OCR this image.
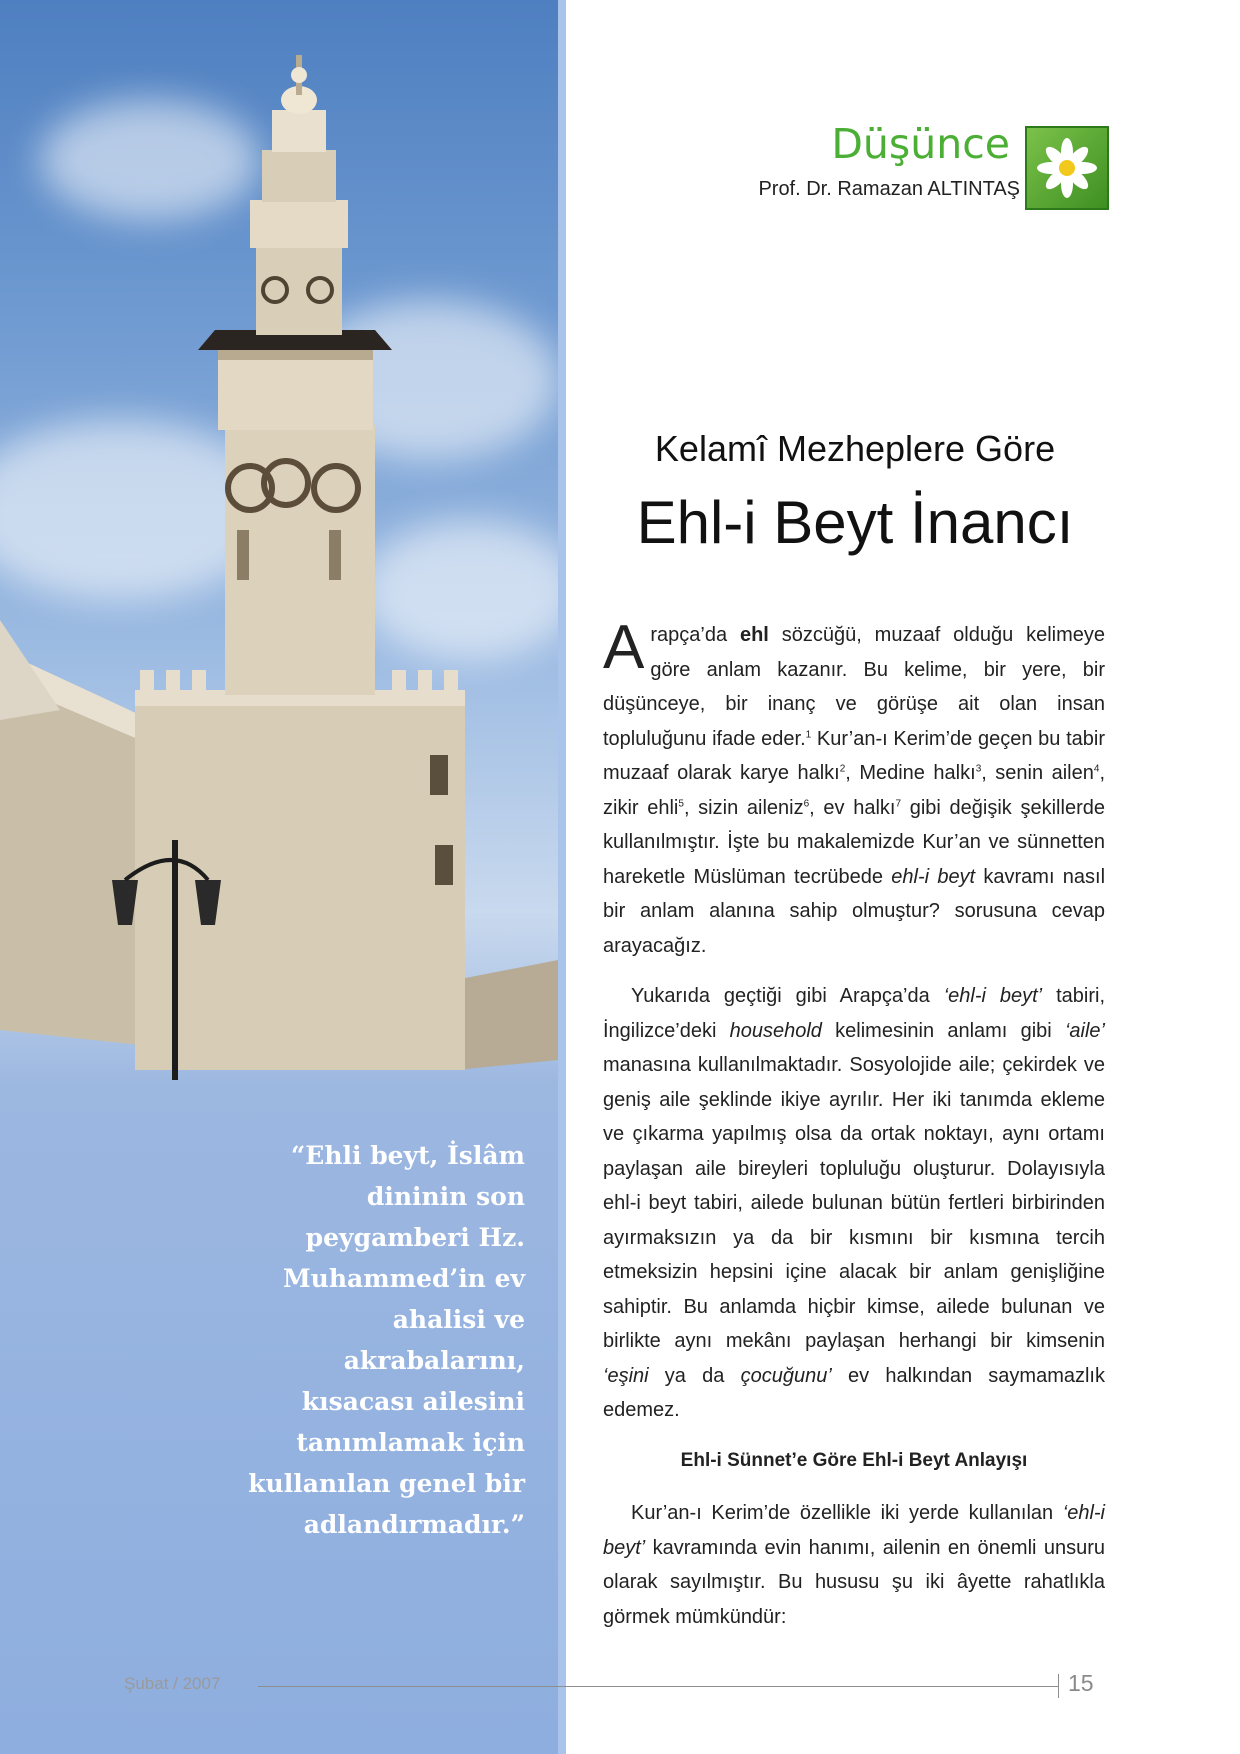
“Ehli beyt, İslâm dininin son peygamberi Hz. Muhammed’in ev ahalisi ve akrabalarını, kısacası ailesini tanımlamak için kullanılan genel bir adlandırmadır.”
Düşünce
Prof. Dr. Ramazan ALTINTAŞ
Kelamî Mezheplere Göre
Ehl-i Beyt İnancı

Arapça’da ehl sözcüğü, muzaaf olduğu kelimeye göre anlam kazanır. Bu kelime, bir yere, bir düşünceye, bir inanç ve görüşe ait olan insan topluluğunu ifade eder.$^1$ Kur’an-ı Kerim’de geçen bu tabir muzaaf olarak karye halkı$^2$, Medine halkı$^3$, senin ailen$^4$, zikir ehli$^5$, sizin aileniz$^6$, ev halkı$^7$ gibi değişik şekillerde kullanılmıştır. İşte bu makalemizde Kur’an ve sünnetten hareketle Müslüman tecrübede ehl-i beyt kavramı nasıl bir anlam alanına sahip olmuştur? sorusuna cevap arayacağız.

Yukarıda geçtiği gibi Arapça’da ‘ehl-i beyt’ tabiri, İngilizce’deki household kelimesinin anlamı gibi ‘aile’ manasına kullanılmaktadır. Sosyolojide aile; çekirdek ve geniş aile şeklinde ikiye ayrılır. Her iki tanımda ekleme ve çıkarma yapılmış olsa da ortak noktayı, aynı ortamı paylaşan aile bireyleri topluluğu oluşturur. Dolayısıyla ehl-i beyt tabiri, ailede bulunan bütün fertleri birbirinden ayırmaksızın ya da bir kısmını bir kısmına tercih etmeksizin hepsini içine alacak bir anlam genişliğine sahiptir. Bu anlamda hiçbir kimse, ailede bulunan ve birlikte aynı mekânı paylaşan herhangi bir kimsenin ‘eşini ya da çocuğunu’ ev halkından saymamazlık edemez.

Ehl-i Sünnet’e Göre Ehl-i Beyt Anlayışı

Kur’an-ı Kerim’de özellikle iki yerde kullanılan ‘ehl-i beyt’ kavramında evin hanımı, ailenin en önemli unsuru olarak sayılmıştır. Bu hususu şu iki âyette rahatlıkla görmek mümkündür:

Şubat / 2007	15
